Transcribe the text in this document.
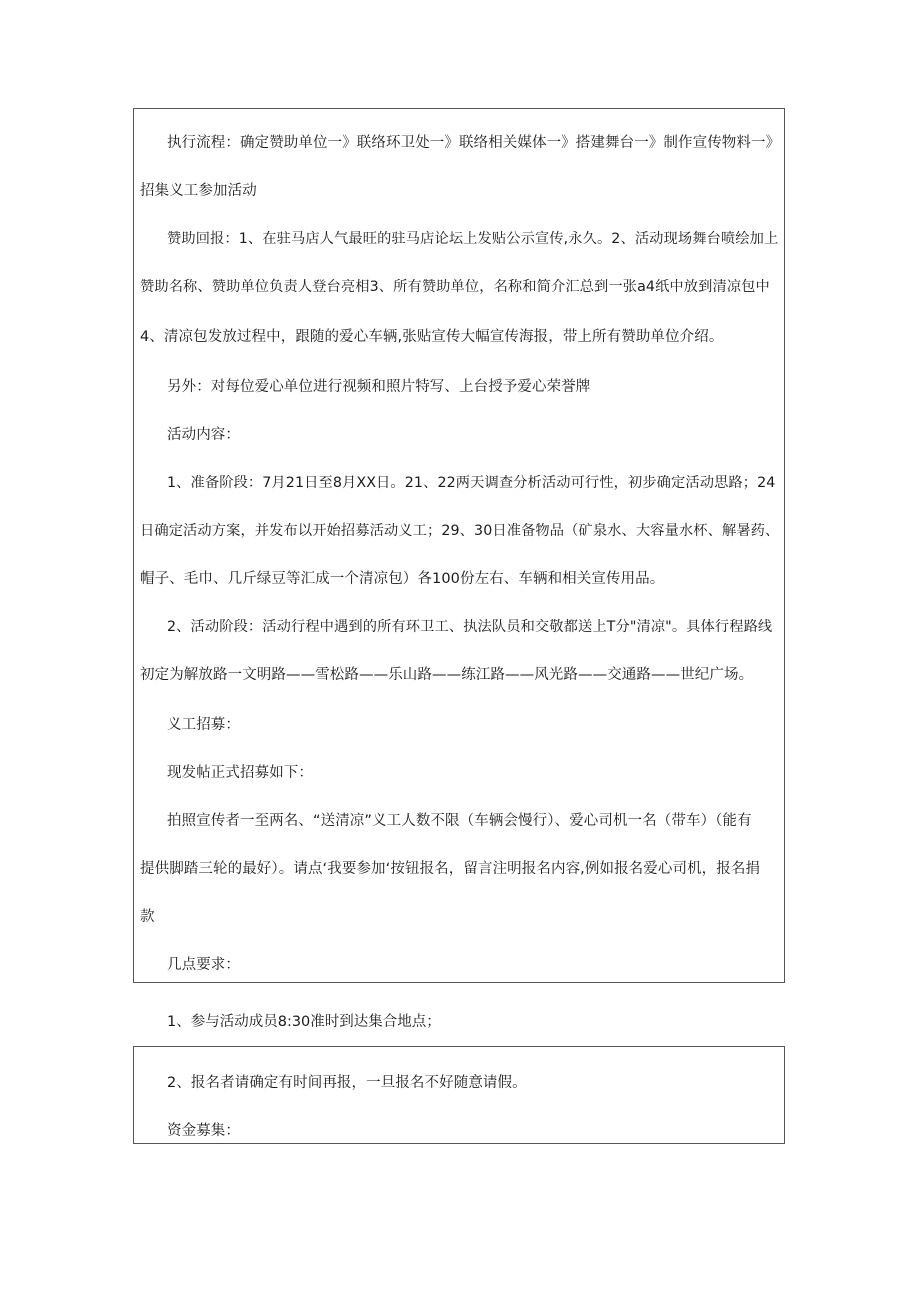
执行流程：确定赞助单位一》联络环卫处一》联络相关媒体一》搭建舞台一》制作宣传物料一》
招集义工参加活动
赞助回报：1、在驻马店人气最旺的驻马店论坛上发贴公示宣传,永久。2、活动现场舞台喷绘加上
赞助名称、赞助单位负责人登台亮相3、所有赞助单位，名称和简介汇总到一张a4纸中放到清凉包中
4、清凉包发放过程中，跟随的爱心车辆,张贴宣传大幅宣传海报，带上所有赞助单位介绍。
另外：对每位爱心单位进行视频和照片特写、上台授予爱心荣誉牌
活动内容：
1、准备阶段：7月21日至8月XX日。21、22两天调查分析活动可行性，初步确定活动思路；24
日确定活动方案，并发布以开始招募活动义工；29、30日准备物品（矿泉水、大容量水杯、解暑药、
帽子、毛巾、几斤绿豆等汇成一个清凉包）各100份左右、车辆和相关宣传用品。
2、活动阶段：活动行程中遇到的所有环卫工、执法队员和交敬都送上T分"清凉"。具体行程路线
初定为解放路一文明路——雪松路——乐山路——练江路——风光路——交通路——世纪广场。
义工招募：
现发帖正式招募如下：
拍照宣传者一至两名、“送清凉”义工人数不限（车辆会慢行）、爱心司机一名（带车）（能有
提供脚踏三轮的最好）。请点‘我要参加‘按钮报名，留言注明报名内容,例如报名爱心司机，报名捐
款
几点要求：
1、参与活动成员8:30准时到达集合地点；
2、报名者请确定有时间再报，一旦报名不好随意请假。
资金募集：
